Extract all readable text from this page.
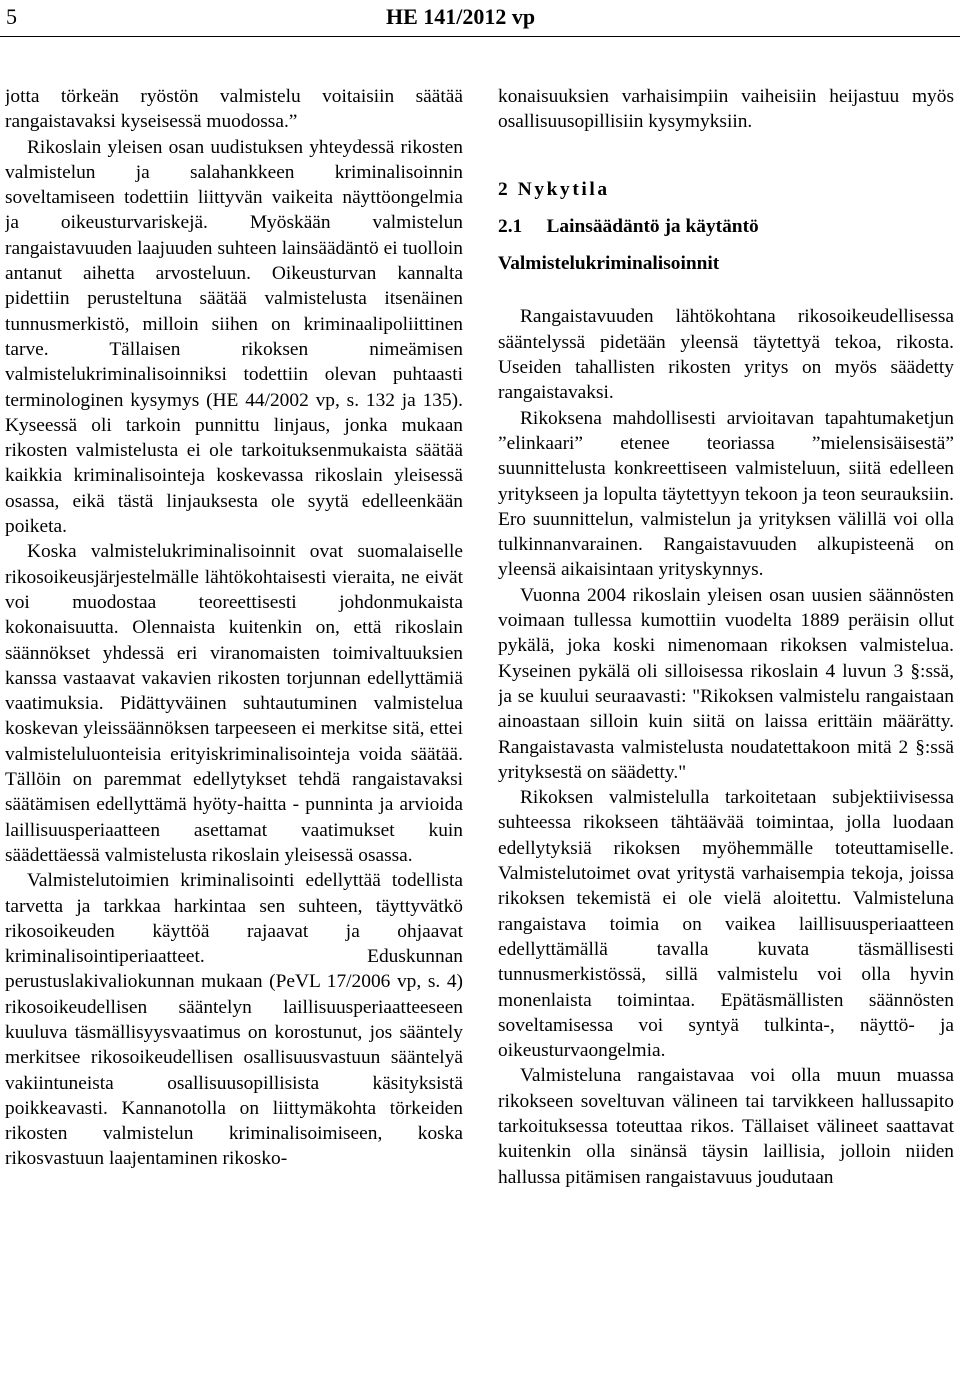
5	HE 141/2012 vp

jotta törkeän ryöstön valmistelu voitaisiin säätää rangaistavaksi kyseisessä muodossa.”

Rikoslain yleisen osan uudistuksen yhteydessä rikosten valmistelun ja salahankkeen kriminalisoinnin soveltamiseen todettiin liittyvän vaikeita näyttöongelmia ja oikeusturvariskejä. Myöskään valmistelun rangaistavuuden laajuuden suhteen lainsäädäntö ei tuolloin antanut aihetta arvosteluun. Oikeusturvan kannalta pidettiin perusteltuna säätää valmistelusta itsenäinen tunnusmerkistö, milloin siihen on kriminaalipoliittinen tarve. Tällaisen rikoksen nimeämisen valmistelukriminalisoinniksi todettiin olevan puhtaasti terminologinen kysymys (HE 44/2002 vp, s. 132 ja 135). Kyseessä oli tarkoin punnittu linjaus, jonka mukaan rikosten valmistelusta ei ole tarkoituksenmukaista säätää kaikkia kriminalisointeja koskevassa rikoslain yleisessä osassa, eikä tästä linjauksesta ole syytä edelleenkään poiketa.

Koska valmistelukriminalisoinnit ovat suomalaiselle rikosoikeusjärjestelmälle lähtökohtaisesti vieraita, ne eivät voi muodostaa teoreettisesti johdonmukaista kokonaisuutta. Olennaista kuitenkin on, että rikoslain säännökset yhdessä eri viranomaisten toimivaltuuksien kanssa vastaavat vakavien rikosten torjunnan edellyttämiä vaatimuksia. Pidättyväinen suhtautuminen valmistelua koskevan yleissäännöksen tarpeeseen ei merkitse sitä, ettei valmisteluluonteisia erityiskriminalisointeja voida säätää. Tällöin on paremmat edellytykset tehdä rangaistavaksi säätämisen edellyttämä hyöty-haitta - punninta ja arvioida laillisuusperiaatteen asettamat vaatimukset kuin säädettäessä valmistelusta rikoslain yleisessä osassa.

Valmistelutoimien kriminalisointi edellyttää todellista tarvetta ja tarkkaa harkintaa sen suhteen, täyttyvätkö rikosoikeuden käyttöä rajaavat ja ohjaavat kriminalisointiperiaatteet. Eduskunnan perustuslakivaliokunnan mukaan (PeVL 17/2006 vp, s. 4) rikosoikeudellisen sääntelyn laillisuusperiaatteeseen kuuluva täsmällisyysvaatimus on korostunut, jos sääntely merkitsee rikosoikeudellisen osallisuusvastuun sääntelyä vakiintuneista osallisuusopillisista käsityksistä poikkeavasti. Kannanotolla on liittymäkohta törkeiden rikosten valmistelun kriminalisoimiseen, koska rikosvastuun laajentaminen rikosko-

konaisuuksien varhaisimpiin vaiheisiin heijastuu myös osallisuusopillisiin kysymyksiin.

2 Nykytila
2.1     Lainsäädäntö ja käytäntö
Valmistelukriminalisoinnit

Rangaistavuuden lähtökohtana rikosoikeudellisessa sääntelyssä pidetään yleensä täytettyä tekoa, rikosta. Useiden tahallisten rikosten yritys on myös säädetty rangaistavaksi.

Rikoksena mahdollisesti arvioitavan tapahtumaketjun ”elinkaari” etenee teoriassa ”mielensisäisestä” suunnittelusta konkreettiseen valmisteluun, siitä edelleen yritykseen ja lopulta täytettyyn tekoon ja teon seurauksiin. Ero suunnittelun, valmistelun ja yrityksen välillä voi olla tulkinnanvarainen. Rangaistavuuden alkupisteenä on yleensä aikaisintaan yrityskynnys.

Vuonna 2004 rikoslain yleisen osan uusien säännösten voimaan tullessa kumottiin vuodelta 1889 peräisin ollut pykälä, joka koski nimenomaan rikoksen valmistelua. Kyseinen pykälä oli silloisessa rikoslain 4 luvun 3 §:ssä, ja se kuului seuraavasti: "Rikoksen valmistelu rangaistaan ainoastaan silloin kuin siitä on laissa erittäin määrätty. Rangaistavasta valmistelusta noudatettakoon mitä 2 §:ssä yrityksestä on säädetty."

Rikoksen valmistelulla tarkoitetaan subjektiivisessa suhteessa rikokseen tähtäävää toimintaa, jolla luodaan edellytyksiä rikoksen myöhemmälle toteuttamiselle. Valmistelutoimet ovat yritystä varhaisempia tekoja, joissa rikoksen tekemistä ei ole vielä aloitettu. Valmisteluna rangaistava toimia on vaikea laillisuusperiaatteen edellyttämällä tavalla kuvata täsmällisesti tunnusmerkistössä, sillä valmistelu voi olla hyvin monenlaista toimintaa. Epätäsmällisten säännösten soveltamisessa voi syntyä tulkinta-, näyttö- ja oikeusturvaongelmia.

Valmisteluna rangaistavaa voi olla muun muassa rikokseen soveltuvan välineen tai tarvikkeen hallussapito tarkoituksessa toteuttaa rikos. Tällaiset välineet saattavat kuitenkin olla sinänsä täysin laillisia, jolloin niiden hallussa pitämisen rangaistavuus joudutaan
